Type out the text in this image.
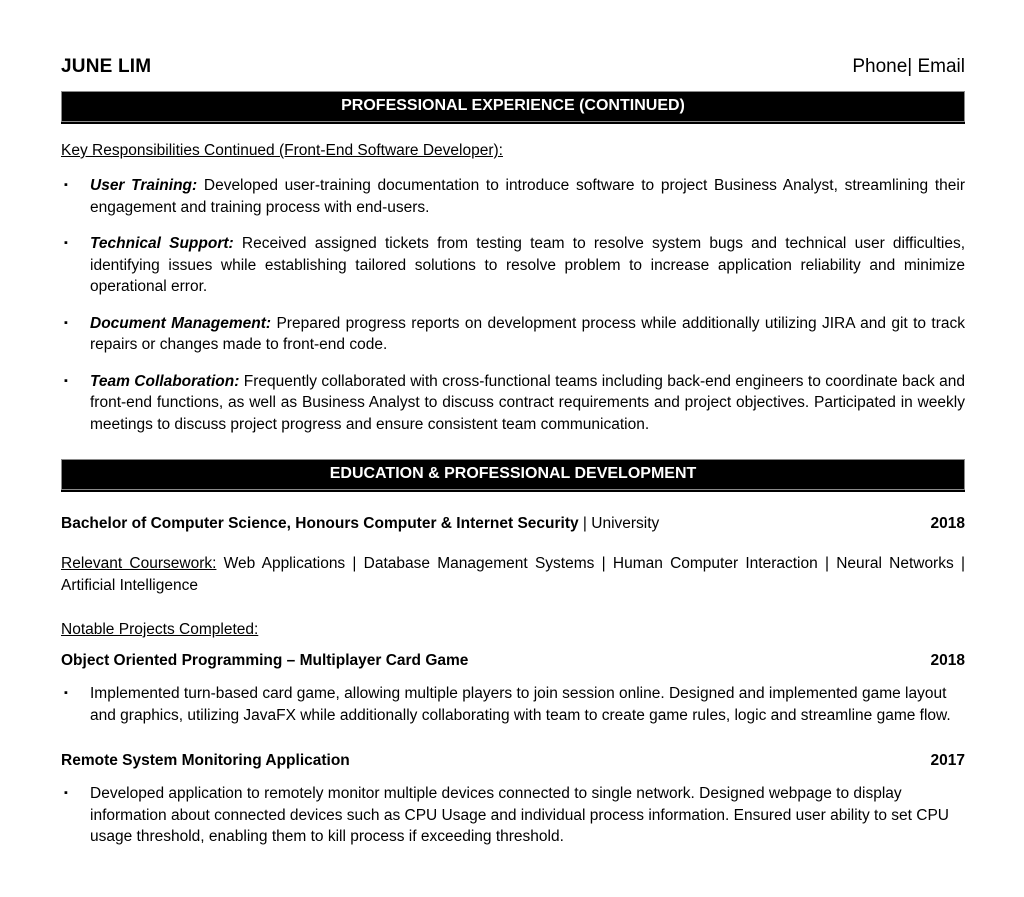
JUNE LIM	Phone| Email
PROFESSIONAL EXPERIENCE (CONTINUED)
Key Responsibilities Continued (Front-End Software Developer):
▪	User Training: Developed user-training documentation to introduce software to project Business Analyst, streamlining their engagement and training process with end-users.
▪	Technical Support: Received assigned tickets from testing team to resolve system bugs and technical user difficulties, identifying issues while establishing tailored solutions to resolve problem to increase application reliability and minimize operational error.
▪	Document Management: Prepared progress reports on development process while additionally utilizing JIRA and git to track repairs or changes made to front-end code.
▪	Team Collaboration: Frequently collaborated with cross-functional teams including back-end engineers to coordinate back and front-end functions, as well as Business Analyst to discuss contract requirements and project objectives. Participated in weekly meetings to discuss project progress and ensure consistent team communication.
EDUCATION & PROFESSIONAL DEVELOPMENT
Bachelor of Computer Science, Honours Computer & Internet Security | University	2018
Relevant Coursework: Web Applications | Database Management Systems | Human Computer Interaction | Neural Networks | Artificial Intelligence
Notable Projects Completed:
Object Oriented Programming – Multiplayer Card Game	2018
▪	Implemented turn-based card game, allowing multiple players to join session online. Designed and implemented game layout and graphics, utilizing JavaFX while additionally collaborating with team to create game rules, logic and streamline game flow.
Remote System Monitoring Application	2017
▪	Developed application to remotely monitor multiple devices connected to single network. Designed webpage to display information about connected devices such as CPU Usage and individual process information. Ensured user ability to set CPU usage threshold, enabling them to kill process if exceeding threshold.
